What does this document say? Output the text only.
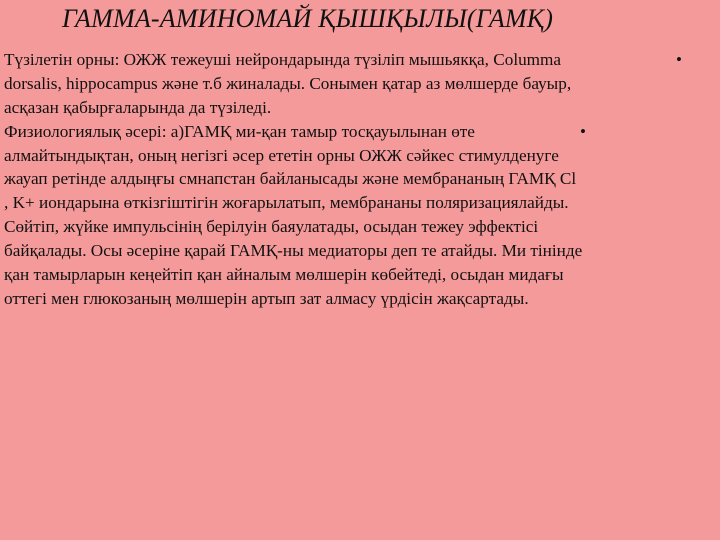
ГАММА-АМИНОМАЙ ҚЫШҚЫЛЫ(ГАМҚ)
Түзілетін орны: ОЖЖ тежеуші нейрондарында түзіліп мышьякқа, Columma	•
dorsalis, hippocampus және т.б жиналады. Сонымен қатар аз мөлшерде бауыр,
асқазан қабырғаларында да түзіледі.
Физиологиялық әсері: а)ГАМҚ ми-қан тамыр тосқауылынан өте	•
алмайтындықтан, оның негізгі әсер ететін орны ОЖЖ сәйкес стимулденуге
жауап ретінде алдыңғы смнапстан байланысады және мембрананың ГАМҚ Cl
, K+ иондарына өткізгіштігін жоғарылатып, мембрананы поляризациялайды.
Сөйтіп, жүйке импульсінің берілуін баяулатады, осыдан тежеу эффектісі
байқалады. Осы әсеріне қарай ГАМҚ-ны медиаторы деп те атайды. Ми тінінде
қан тамырларын кеңейтіп қан айналым мөлшерін көбейтеді, осыдан мидағы
оттегі мен глюкозаның мөлшерін артып зат алмасу үрдісін жақсартады.
